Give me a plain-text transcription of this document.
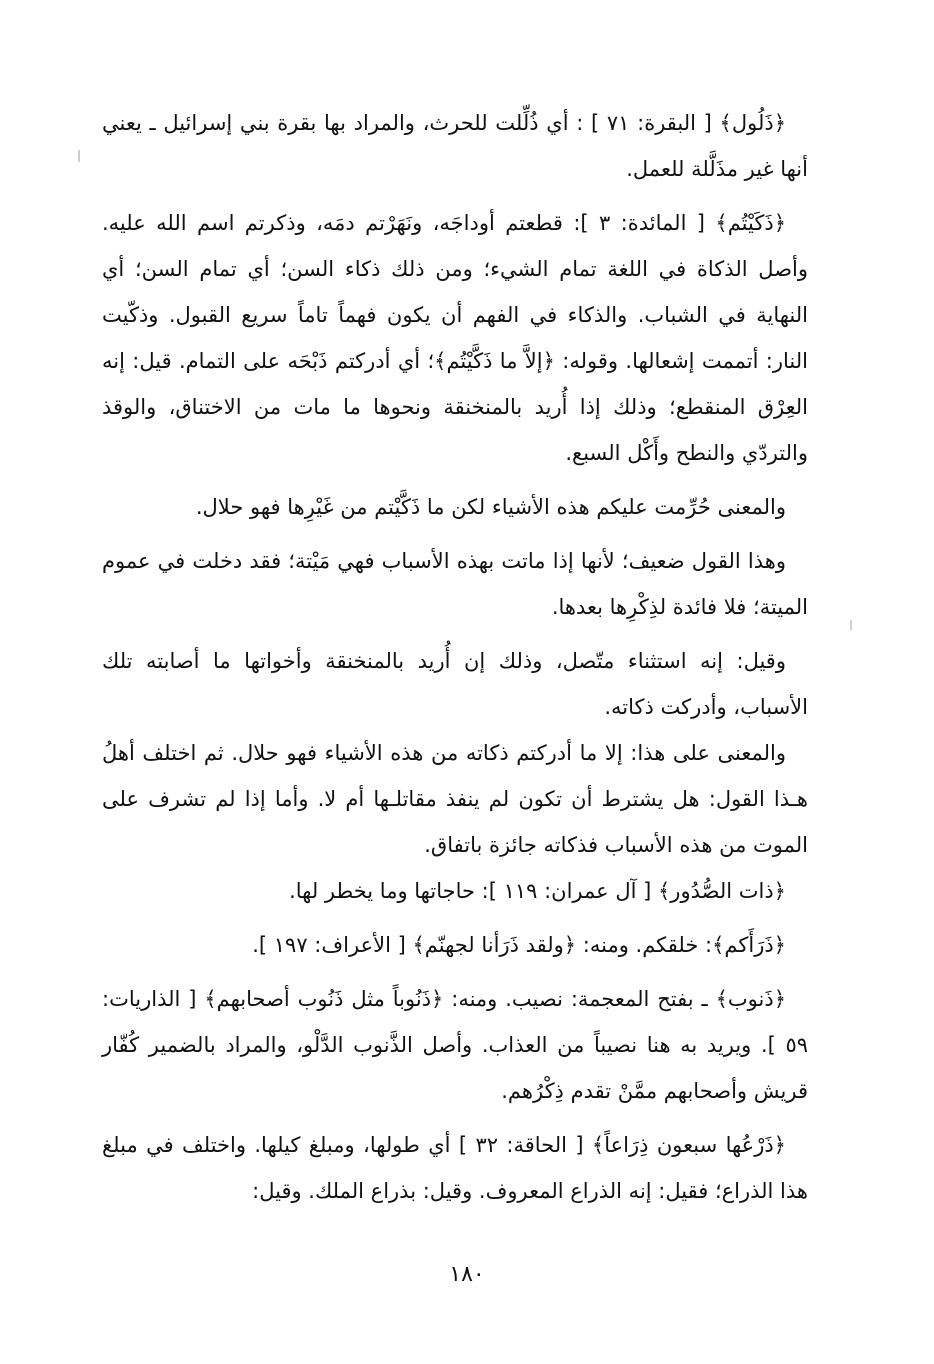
﴿ذَلُول﴾ [ البقرة: ٧١ ] : أي ذُلِّلت للحرث، والمراد بها بقرة بني إسرائيل ـ يعني أنها غير مذَلَّلة للعمل.

﴿ذَكَيْتُم﴾ [ المائدة: ٣ ]: قطعتم أوداجَه، ونَهَرْتم دمَه، وذكرتم اسم الله عليه. وأصل الذكاة في اللغة تمام الشيء؛ ومن ذلك ذكاء السن؛ أي تمام السن؛ أي النهاية في الشباب. والذكاء في الفهم أن يكون فهماً تاماً سريع القبول. وذكّيت النار: أتممت إشعالها. وقوله: ﴿إلاَّ ما ذَكَّيْتُم﴾؛ أي أدركتم ذَبْحَه على التمام. قيل: إنه العِرْق المنقطع؛ وذلك إذا أُريد بالمنخنقة ونحوها ما مات من الاختناق، والوقذ والتردّي والنطح وأَكْل السبع.

والمعنى حُرِّمت عليكم هذه الأشياء لكن ما ذَكَّيْتم من غَيْرِها فهو حلال.

وهذا القول ضعيف؛ لأنها إذا ماتت بهذه الأسباب فهي مَيْتة؛ فقد دخلت في عموم الميتة؛ فلا فائدة لذِكْرِها بعدها.

وقيل: إنه استثناء متّصل، وذلك إن أُريد بالمنخنقة وأخواتها ما أصابته تلك الأسباب، وأدركت ذكاته.

والمعنى على هذا: إلا ما أدركتم ذكاته من هذه الأشياء فهو حلال. ثم اختلف أهلُ هـذا القول: هل يشترط أن تكون لم ينفذ مقاتلـها أم لا. وأما إذا لم تشرف على الموت من هذه الأسباب فذكاته جائزة باتفاق.

﴿ذات الصُّدُور﴾ [ آل عمران: ١١٩ ]: حاجاتها وما يخطر لها.

﴿ذَرَأَكم﴾: خلقكم. ومنه: ﴿ولقد ذَرَأنا لجهنّم﴾ [ الأعراف: ١٩٧ ].

﴿ذَنوب﴾ ـ بفتح المعجمة: نصيب. ومنه: ﴿ذَنُوباً مثل ذَنُوب أصحابهم﴾ [ الذاريات: ٥٩ ]. ويريد به هنا نصيباً من العذاب. وأصل الذَّنوب الدَّلْو، والمراد بالضمير كُفّار قريش وأصحابهم ممَّنْ تقدم ذِكْرُهم.

﴿ذَرْعُها سبعون ذِرَاعاً﴾ [ الحاقة: ٣٢ ] أي طولها، ومبلغ كيلها. واختلف في مبلغ هذا الذراع؛ فقيل: إنه الذراع المعروف. وقيل: بذراع الملك. وقيل:

١٨٠
